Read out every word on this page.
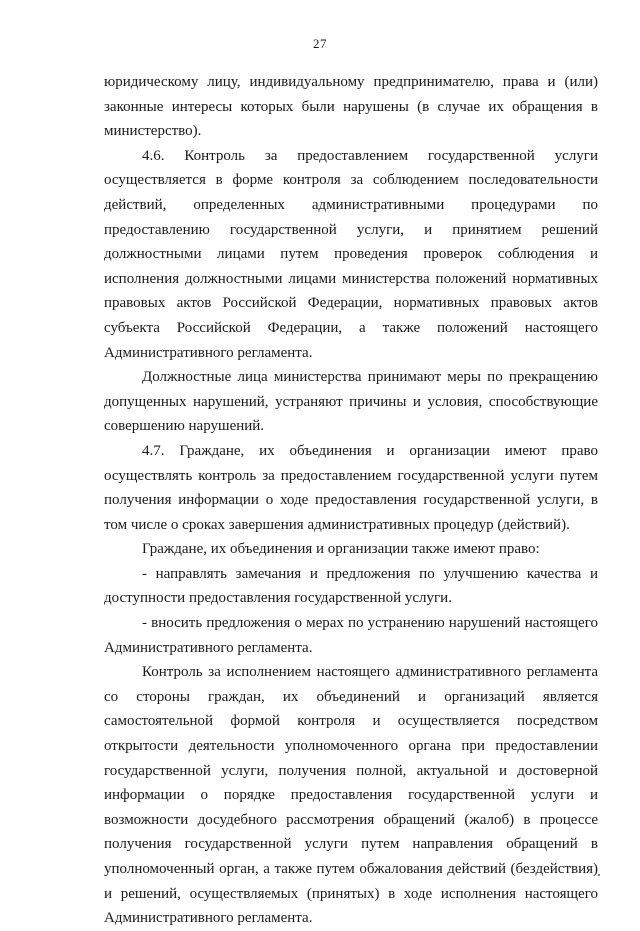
27

юридическому лицу, индивидуальному предпринимателю, права и (или) законные интересы которых были нарушены (в случае их обращения в министерство).

4.6. Контроль за предоставлением государственной услуги осуществляется в форме контроля за соблюдением последовательности действий, определенных административными процедурами по предоставлению государственной услуги, и принятием решений должностными лицами путем проведения проверок соблюдения и исполнения должностными лицами министерства положений нормативных правовых актов Российской Федерации, нормативных правовых актов субъекта Российской Федерации, а также положений настоящего Административного регламента.

Должностные лица министерства принимают меры по прекращению допущенных нарушений, устраняют причины и условия, способствующие совершению нарушений.

4.7. Граждане, их объединения и организации имеют право осуществлять контроль за предоставлением государственной услуги путем получения информации о ходе предоставления государственной услуги, в том числе о сроках завершения административных процедур (действий).

Граждане, их объединения и организации также имеют право:

- направлять замечания и предложения по улучшению качества и доступности предоставления государственной услуги.

- вносить предложения о мерах по устранению нарушений настоящего Административного регламента.

Контроль за исполнением настоящего административного регламента со стороны граждан, их объединений и организаций является самостоятельной формой контроля и осуществляется посредством открытости деятельности уполномоченного органа при предоставлении государственной услуги, получения полной, актуальной и достоверной информации о порядке предоставления государственной услуги и возможности досудебного рассмотрения обращений (жалоб) в процессе получения государственной услуги путем направления обращений в уполномоченный орган, а также путем обжалования действий (бездействия) и решений, осуществляемых (принятых) в ходе исполнения настоящего Административного регламента.
